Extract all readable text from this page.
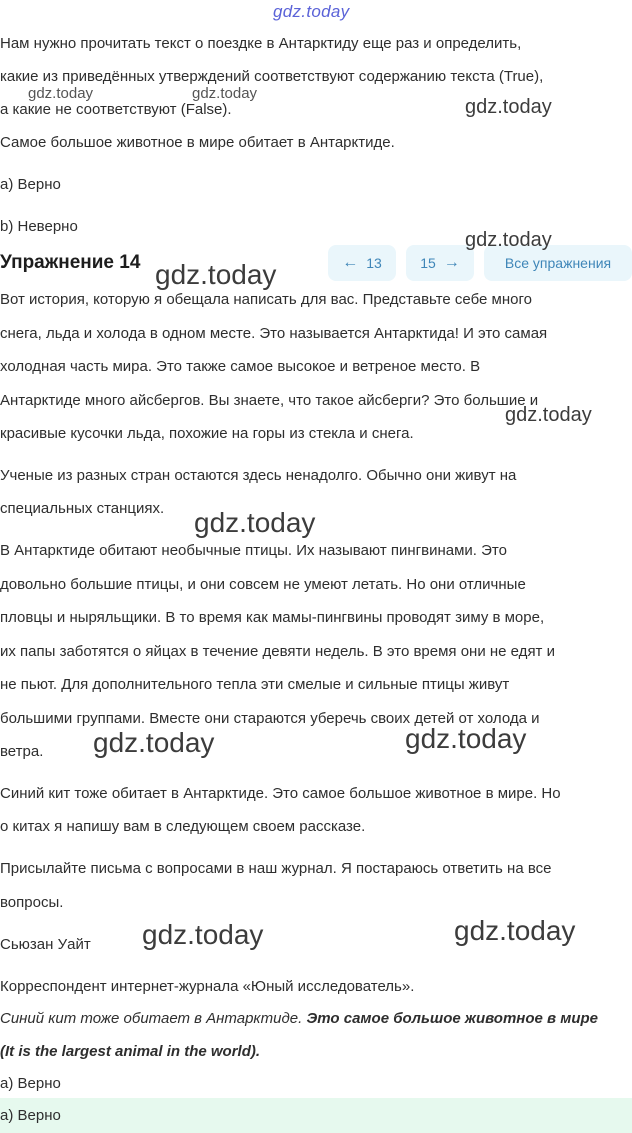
gdz.today
Нам нужно прочитать текст о поездке в Антарктиду еще раз и определить,
какие из приведённых утверждений соответствуют содержанию текста (True),
а какие не соответствуют (False).
Самое большое животное в мире обитает в Антарктиде.
a) Верно
b) Неверно
Упражнение 14	← 13	15 →	Все упражнения
Вот история, которую я обещала написать для вас. Представьте себе много
снега, льда и холода в одном месте. Это называется Антарктида! И это самая
холодная часть мира. Это также самое высокое и ветреное место. В
Антарктиде много айсбергов. Вы знаете, что такое айсберги? Это большие и
красивые кусочки льда, похожие на горы из стекла и снега.
Ученые из разных стран остаются здесь ненадолго. Обычно они живут на
специальных станциях.
В Антарктиде обитают необычные птицы. Их называют пингвинами. Это
довольно большие птицы, и они совсем не умеют летать. Но они отличные
пловцы и ныряльщики. В то время как мамы-пингвины проводят зиму в море,
их папы заботятся о яйцах в течение девяти недель. В это время они не едят и
не пьют. Для дополнительного тепла эти смелые и сильные птицы живут
большими группами. Вместе они стараются уберечь своих детей от холода и
ветра.
Синий кит тоже обитает в Антарктиде. Это самое большое животное в мире. Но
о китах я напишу вам в следующем своем рассказе.
Присылайте письма с вопросами в наш журнал. Я постараюсь ответить на все
вопросы.
Сьюзан Уайт
Корреспондент интернет-журнала «Юный исследователь».
Синий кит тоже обитает в Антарктиде. Это самое большое животное в мире
(It is the largest animal in the world).
a) Верно
a) Верно
gdz.today	gdz.today
gdz.today
gdz.today
gdz.today
gdz.today
gdz.today
gdz.today	gdz.today
gdz.today	gdz.today
